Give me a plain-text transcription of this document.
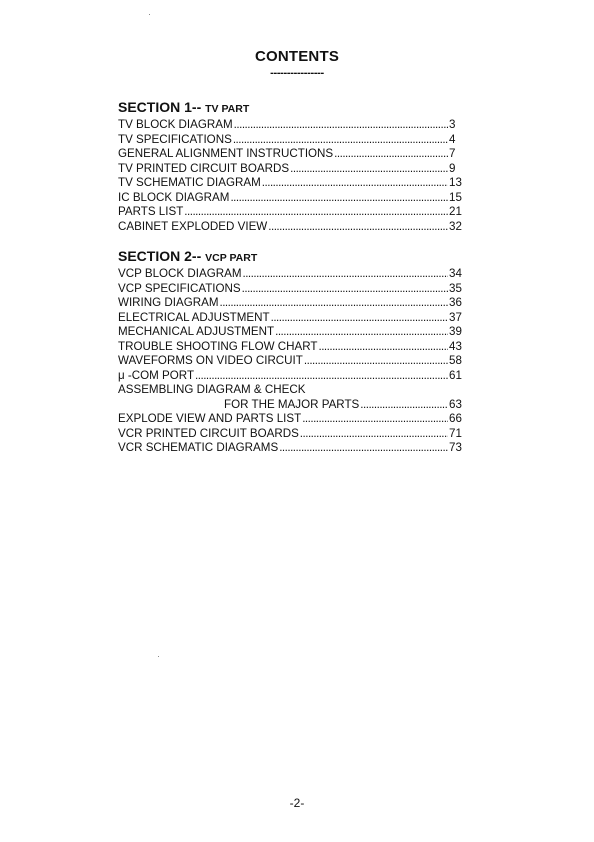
CONTENTS
----------------
SECTION 1-- TV PART
TV BLOCK DIAGRAM .....	3
TV SPECIFICATIONS .....	4
GENERAL ALIGNMENT INSTRUCTIONS .....	7
TV PRINTED CIRCUIT BOARDS .....	9
TV SCHEMATIC DIAGRAM .....	13
IC BLOCK DIAGRAM .....	15
PARTS LIST .....	21
CABINET EXPLODED VIEW .....	32
SECTION 2-- VCP PART
VCP BLOCK DIAGRAM .....	34
VCP SPECIFICATIONS .....	35
WIRING DIAGRAM .....	36
ELECTRICAL ADJUSTMENT .....	37
MECHANICAL ADJUSTMENT .....	39
TROUBLE SHOOTING FLOW CHART .....	43
WAVEFORMS ON VIDEO CIRCUIT .....	58
μ -COM PORT .....	61
ASSEMBLING DIAGRAM & CHECK
FOR THE MAJOR PARTS .....	63
EXPLODE VIEW AND PARTS LIST .....	66
VCR PRINTED CIRCUIT BOARDS .....	71
VCR SCHEMATIC DIAGRAMS .....	73
-2-
